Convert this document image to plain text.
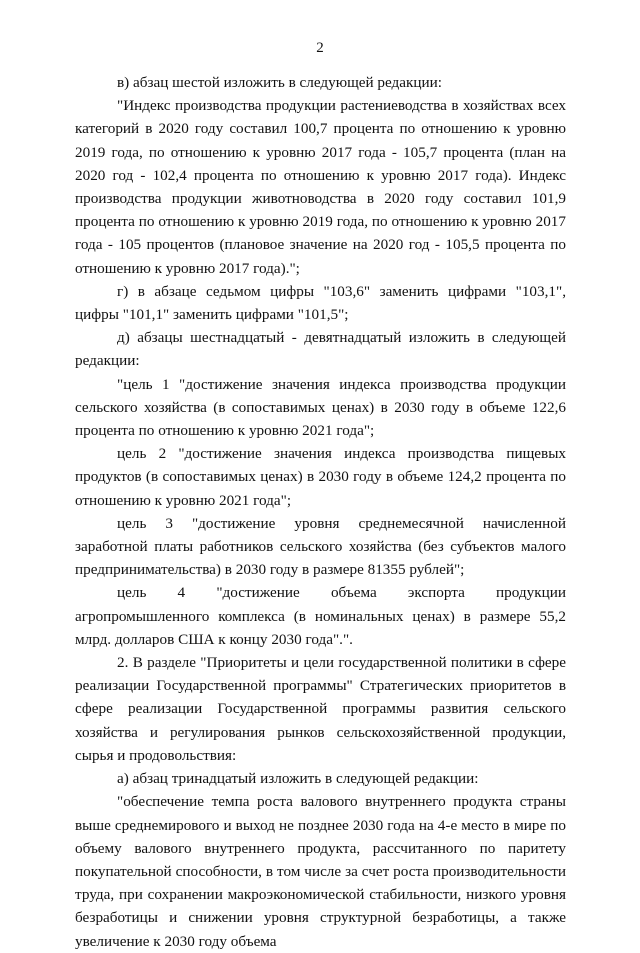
2

в) абзац шестой изложить в следующей редакции:

"Индекс производства продукции растениеводства в хозяйствах всех категорий в 2020 году составил 100,7 процента по отношению к уровню 2019 года, по отношению к уровню 2017 года - 105,7 процента (план на 2020 год - 102,4 процента по отношению к уровню 2017 года). Индекс производства продукции животноводства в 2020 году составил 101,9 процента по отношению к уровню 2019 года, по отношению к уровню 2017 года - 105 процентов (плановое значение на 2020 год - 105,5 процента по отношению к уровню 2017 года).";

г) в абзаце седьмом цифры "103,6" заменить цифрами "103,1", цифры "101,1" заменить цифрами "101,5";

д) абзацы шестнадцатый - девятнадцатый изложить в следующей редакции:

"цель 1 "достижение значения индекса производства продукции сельского хозяйства (в сопоставимых ценах) в 2030 году в объеме 122,6 процента по отношению к уровню 2021 года";

цель 2 "достижение значения индекса производства пищевых продуктов (в сопоставимых ценах) в 2030 году в объеме 124,2 процента по отношению к уровню 2021 года";

цель 3 "достижение уровня среднемесячной начисленной заработной платы работников сельского хозяйства (без субъектов малого предпринимательства) в 2030 году в размере 81355 рублей";

цель 4 "достижение объема экспорта продукции агропромышленного комплекса (в номинальных ценах) в размере 55,2 млрд. долларов США к концу 2030 года".".

2. В разделе "Приоритеты и цели государственной политики в сфере реализации Государственной программы" Стратегических приоритетов в сфере реализации Государственной программы развития сельского хозяйства и регулирования рынков сельскохозяйственной продукции, сырья и продовольствия:

а) абзац тринадцатый изложить в следующей редакции:

"обеспечение темпа роста валового внутреннего продукта страны выше среднемирового и выход не позднее 2030 года на 4-е место в мире по объему валового внутреннего продукта, рассчитанного по паритету покупательной способности, в том числе за счет роста производительности труда, при сохранении макроэкономической стабильности, низкого уровня безработицы и снижении уровня структурной безработицы, а также увеличение к 2030 году объема
